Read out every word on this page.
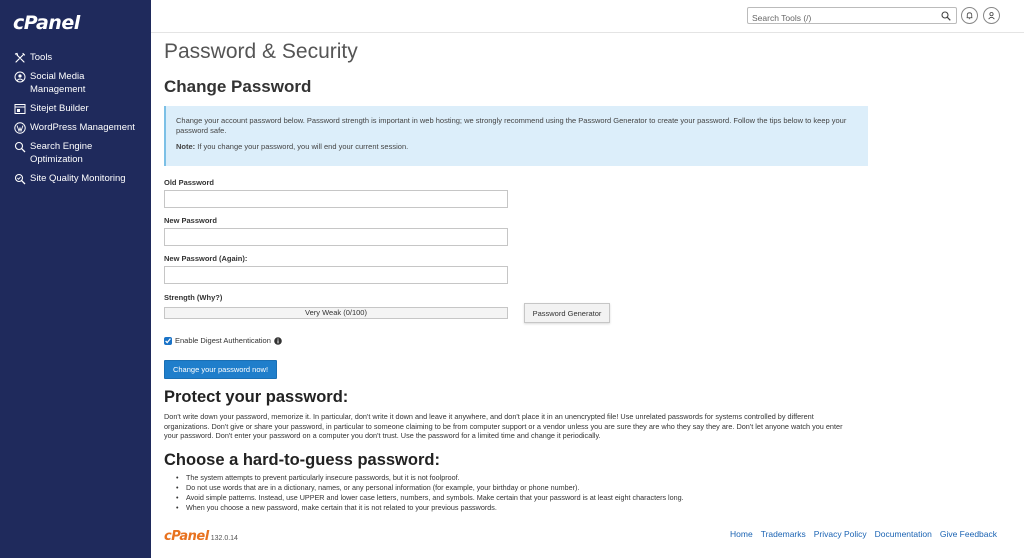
cPanel
Tools
Social Media Management
Sitejet Builder
WordPress Management
Search Engine Optimization
Site Quality Monitoring
Search Tools (/)
Password & Security
Change Password

Change your account password below. Password strength is important in web hosting; we strongly recommend using the Password Generator to create your password. Follow the tips below to keep your password safe.

Note: If you change your password, you will end your current session.

Old Password
New Password
New Password (Again):
Strength (Why?)
Very Weak (0/100)	Password Generator
Enable Digest Authentication
Change your password now!
Protect your password:

Don't write down your password, memorize it. In particular, don't write it down and leave it anywhere, and don't place it in an unencrypted file! Use unrelated passwords for systems controlled by different organizations. Don't give or share your password, in particular to someone claiming to be from computer support or a vendor unless you are sure they are who they say they are. Don't let anyone watch you enter your password. Don't enter your password on a computer you don't trust. Use the password for a limited time and change it periodically.

Choose a hard-to-guess password:
• The system attempts to prevent particularly insecure passwords, but it is not foolproof.
• Do not use words that are in a dictionary, names, or any personal information (for example, your birthday or phone number).
• Avoid simple patterns. Instead, use UPPER and lower case letters, numbers, and symbols. Make certain that your password is at least eight characters long.
• When you choose a new password, make certain that it is not related to your previous passwords.
cPanel 132.0.14	Home Trademarks Privacy Policy Documentation Give Feedback
